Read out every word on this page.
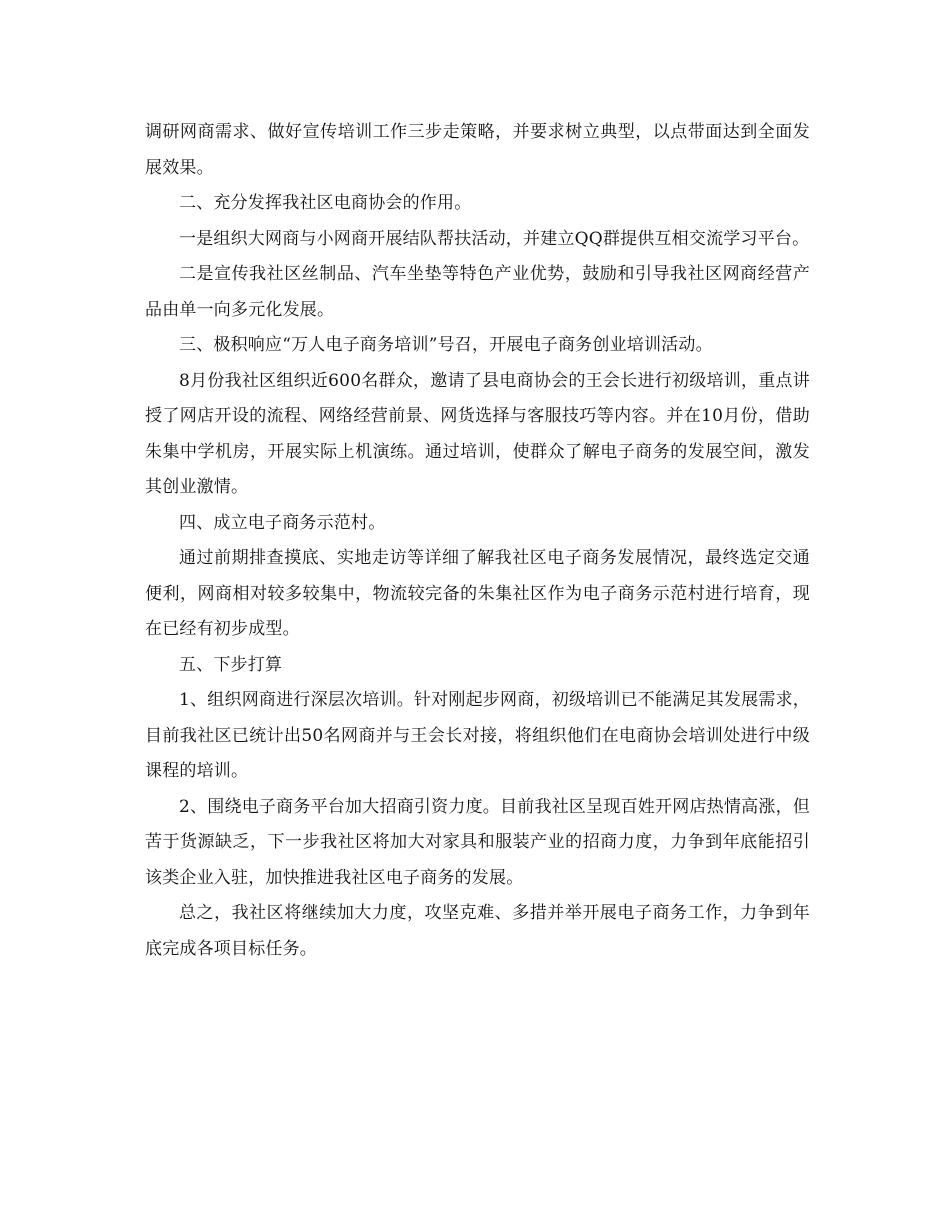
调研网商需求、做好宣传培训工作三步走策略，并要求树立典型，以点带面达到全面发展效果。

二、充分发挥我社区电商协会的作用。

一是组织大网商与小网商开展结队帮扶活动，并建立QQ群提供互相交流学习平台。

二是宣传我社区丝制品、汽车坐垫等特色产业优势，鼓励和引导我社区网商经营产品由单一向多元化发展。

三、极积响应“万人电子商务培训”号召，开展电子商务创业培训活动。

8月份我社区组织近600名群众，邀请了县电商协会的王会长进行初级培训，重点讲授了网店开设的流程、网络经营前景、网货选择与客服技巧等内容。并在10月份，借助朱集中学机房，开展实际上机演练。通过培训，使群众了解电子商务的发展空间，激发其创业激情。

四、成立电子商务示范村。

通过前期排查摸底、实地走访等详细了解我社区电子商务发展情况，最终选定交通便利，网商相对较多较集中，物流较完备的朱集社区作为电子商务示范村进行培育，现在已经有初步成型。

五、下步打算

1、组织网商进行深层次培训。针对刚起步网商，初级培训已不能满足其发展需求，目前我社区已统计出50名网商并与王会长对接，将组织他们在电商协会培训处进行中级课程的培训。

2、围绕电子商务平台加大招商引资力度。目前我社区呈现百姓开网店热情高涨，但苦于货源缺乏，下一步我社区将加大对家具和服装产业的招商力度，力争到年底能招引该类企业入驻，加快推进我社区电子商务的发展。

总之，我社区将继续加大力度，攻坚克难、多措并举开展电子商务工作，力争到年底完成各项目标任务。
